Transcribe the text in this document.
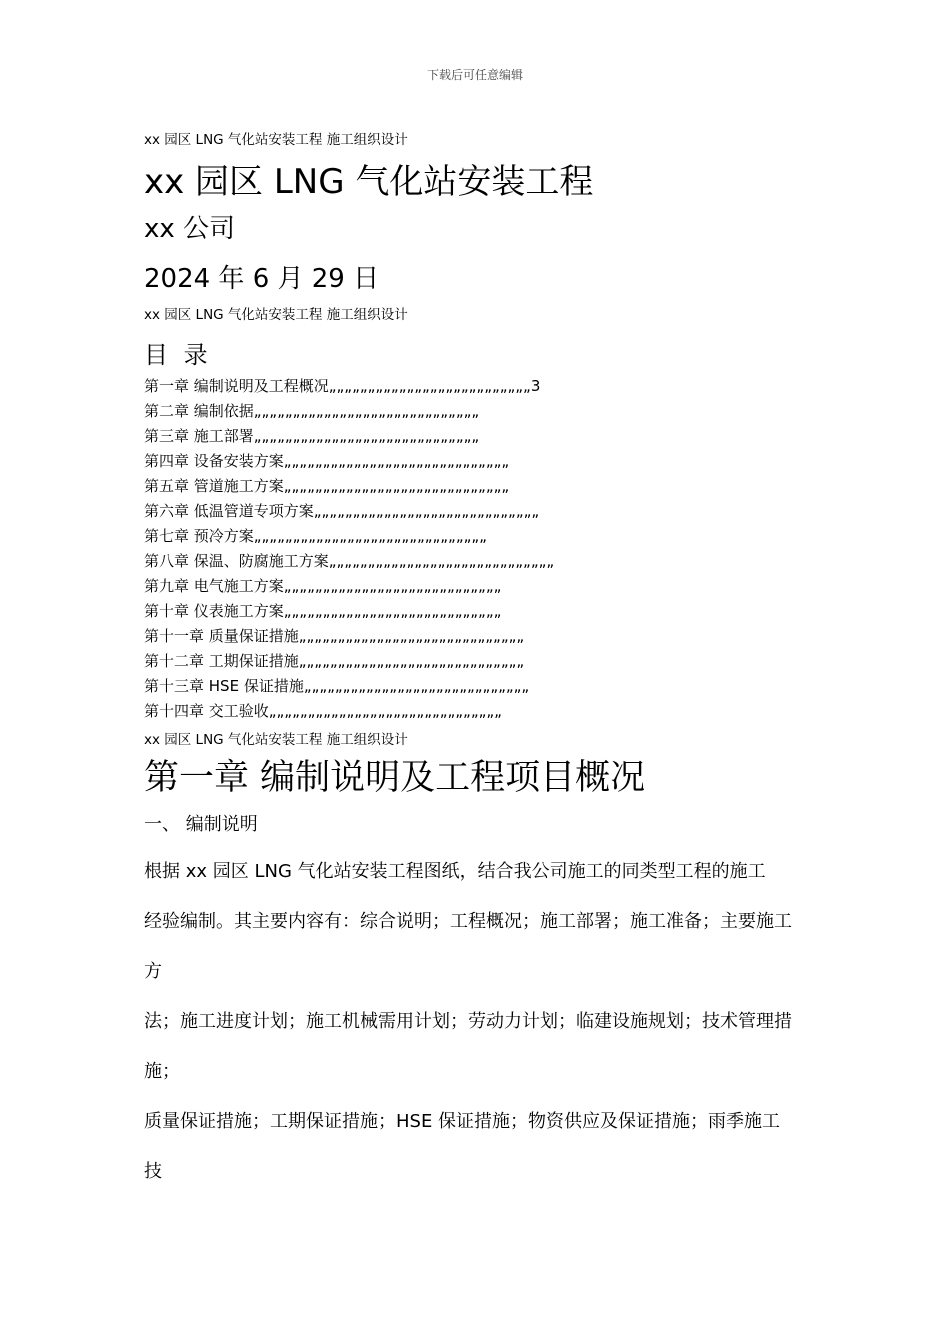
下载后可任意编辑
xx 园区 LNG 气化站安装工程 施工组织设计
xx 园区 LNG 气化站安装工程
xx 公司
2024 年 6 月 29 日
xx 园区 LNG 气化站安装工程 施工组织设计
目 录
第一章 编制说明及工程概况„„„„„„„„„„„„„„„„„„„„„„„„„„3
第二章 编制依据„„„„„„„„„„„„„„„„„„„„„„„„„„„„„
第三章 施工部署„„„„„„„„„„„„„„„„„„„„„„„„„„„„„
第四章 设备安装方案„„„„„„„„„„„„„„„„„„„„„„„„„„„„„
第五章 管道施工方案„„„„„„„„„„„„„„„„„„„„„„„„„„„„„
第六章 低温管道专项方案„„„„„„„„„„„„„„„„„„„„„„„„„„„„„
第七章 预冷方案„„„„„„„„„„„„„„„„„„„„„„„„„„„„„„
第八章 保温、防腐施工方案„„„„„„„„„„„„„„„„„„„„„„„„„„„„„
第九章 电气施工方案„„„„„„„„„„„„„„„„„„„„„„„„„„„„
第十章 仪表施工方案„„„„„„„„„„„„„„„„„„„„„„„„„„„„
第十一章 质量保证措施„„„„„„„„„„„„„„„„„„„„„„„„„„„„„
第十二章 工期保证措施„„„„„„„„„„„„„„„„„„„„„„„„„„„„„
第十三章 HSE 保证措施„„„„„„„„„„„„„„„„„„„„„„„„„„„„„
第十四章 交工验收„„„„„„„„„„„„„„„„„„„„„„„„„„„„„„
xx 园区 LNG 气化站安装工程 施工组织设计
第一章 编制说明及工程项目概况
一、 编制说明
根据 xx 园区 LNG 气化站安装工程图纸，结合我公司施工的同类型工程的施工
经验编制。其主要内容有：综合说明；工程概况；施工部署；施工准备；主要施工
方
法；施工进度计划；施工机械需用计划；劳动力计划；临建设施规划；技术管理措
施；
质量保证措施；工期保证措施；HSE 保证措施；物资供应及保证措施；雨季施工
技
